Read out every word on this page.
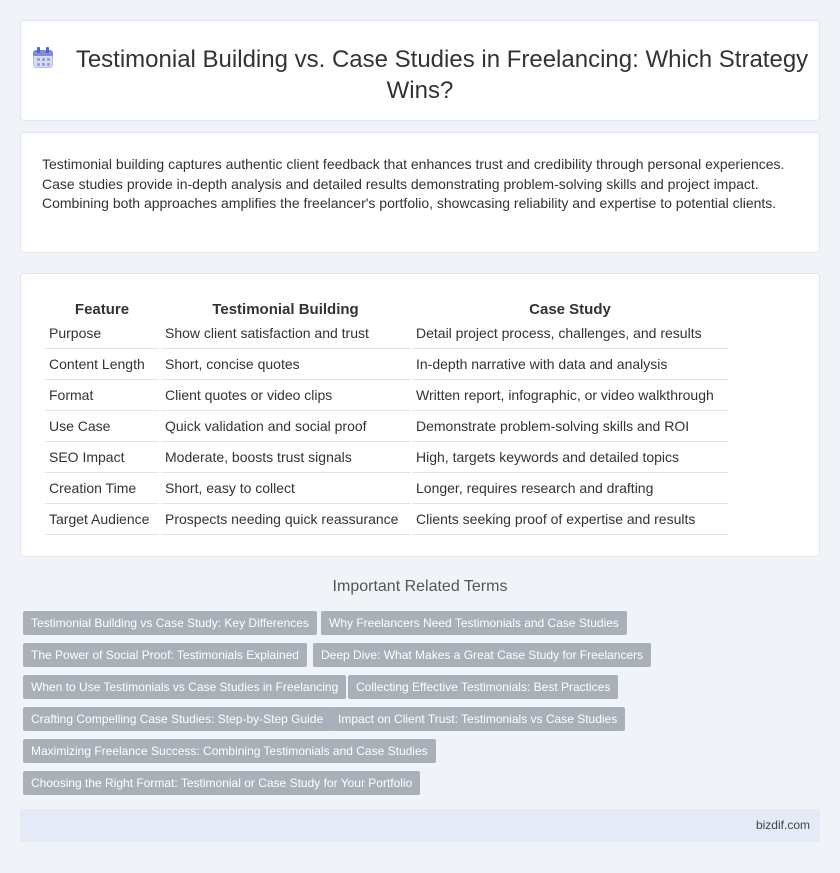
Testimonial Building vs. Case Studies in Freelancing: Which Strategy Wins?

Testimonial building captures authentic client feedback that enhances trust and credibility through personal experiences. Case studies provide in-depth analysis and detailed results demonstrating problem-solving skills and project impact. Combining both approaches amplifies the freelancer's portfolio, showcasing reliability and expertise to potential clients.

Feature	Testimonial Building	Case Study
Purpose	Show client satisfaction and trust	Detail project process, challenges, and results
Content Length	Short, concise quotes	In-depth narrative with data and analysis
Format	Client quotes or video clips	Written report, infographic, or video walkthrough
Use Case	Quick validation and social proof	Demonstrate problem-solving skills and ROI
SEO Impact	Moderate, boosts trust signals	High, targets keywords and detailed topics
Creation Time	Short, easy to collect	Longer, requires research and drafting
Target Audience	Prospects needing quick reassurance	Clients seeking proof of expertise and results
Important Related Terms
Testimonial Building vs Case Study: Key Differences	Why Freelancers Need Testimonials and Case Studies
The Power of Social Proof: Testimonials Explained	Deep Dive: What Makes a Great Case Study for Freelancers
When to Use Testimonials vs Case Studies in Freelancing	Collecting Effective Testimonials: Best Practices
Crafting Compelling Case Studies: Step-by-Step Guide	Impact on Client Trust: Testimonials vs Case Studies
Maximizing Freelance Success: Combining Testimonials and Case Studies
Choosing the Right Format: Testimonial or Case Study for Your Portfolio
bizdif.com
